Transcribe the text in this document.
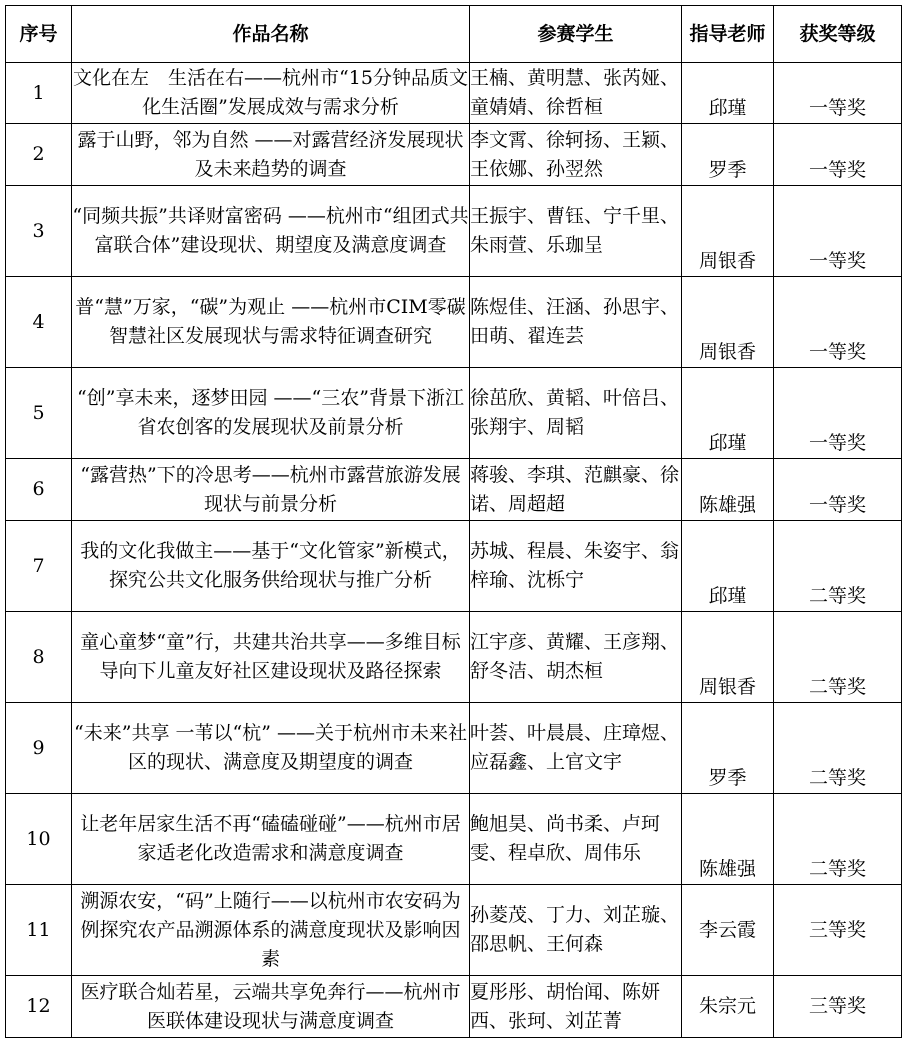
序号	作品名称	参赛学生	指导老师	获奖等级
1	文化在左　生活在右——杭州市“15分钟品质文化生活圈”发展成效与需求分析	王楠、黄明慧、张芮娅、童婧婧、徐哲桓	邱瑾	一等奖
2	露于山野，邻为自然 ——对露营经济发展现状及未来趋势的调查	李文霄、徐轲扬、王颖、王依娜、孙翌然	罗季	一等奖
3	“同频共振”共译财富密码 ——杭州市“组团式共富联合体”建设现状、期望度及满意度调查	王振宇、曹钰、宁千里、朱雨萱、乐珈呈	周银香	一等奖
4	普“慧”万家，“碳”为观止 ——杭州市CIM零碳智慧社区发展现状与需求特征调查研究	陈煜佳、汪涵、孙思宇、田萌、翟连芸	周银香	一等奖
5	“创”享未来，逐梦田园 ——“三农”背景下浙江省农创客的发展现状及前景分析	徐茁欣、黄韬、叶倍吕、张翔宇、周韬	邱瑾	一等奖
6	“露营热”下的冷思考——杭州市露营旅游发展现状与前景分析	蒋骏、李琪、范麒豪、徐诺、周超超	陈雄强	一等奖
7	我的文化我做主——基于“文化管家”新模式，探究公共文化服务供给现状与推广分析	苏城、程晨、朱姿宇、翁梓瑜、沈栎宁	邱瑾	二等奖
8	童心童梦“童”行，共建共治共享——多维目标导向下儿童友好社区建设现状及路径探索	江宇彦、黄耀、王彦翔、舒冬洁、胡杰桓	周银香	二等奖
9	“未来”共享 一苇以“杭” ——关于杭州市未来社区的现状、满意度及期望度的调查	叶荟、叶晨晨、庄璋煜、应磊鑫、上官文宇	罗季	二等奖
10	让老年居家生活不再“磕磕碰碰”——杭州市居家适老化改造需求和满意度调查	鲍旭昊、尚书柔、卢珂雯、程卓欣、周伟乐	陈雄强	二等奖
11	溯源农安，“码”上随行——以杭州市农安码为例探究农产品溯源体系的满意度现状及影响因素	孙菱茂、丁力、刘芷璇、邵思帆、王何森	李云霞	三等奖
12	医疗联合灿若星，云端共享免奔行——杭州市医联体建设现状与满意度调查	夏彤彤、胡怡闻、陈妍西、张珂、刘芷菁	朱宗元	三等奖
